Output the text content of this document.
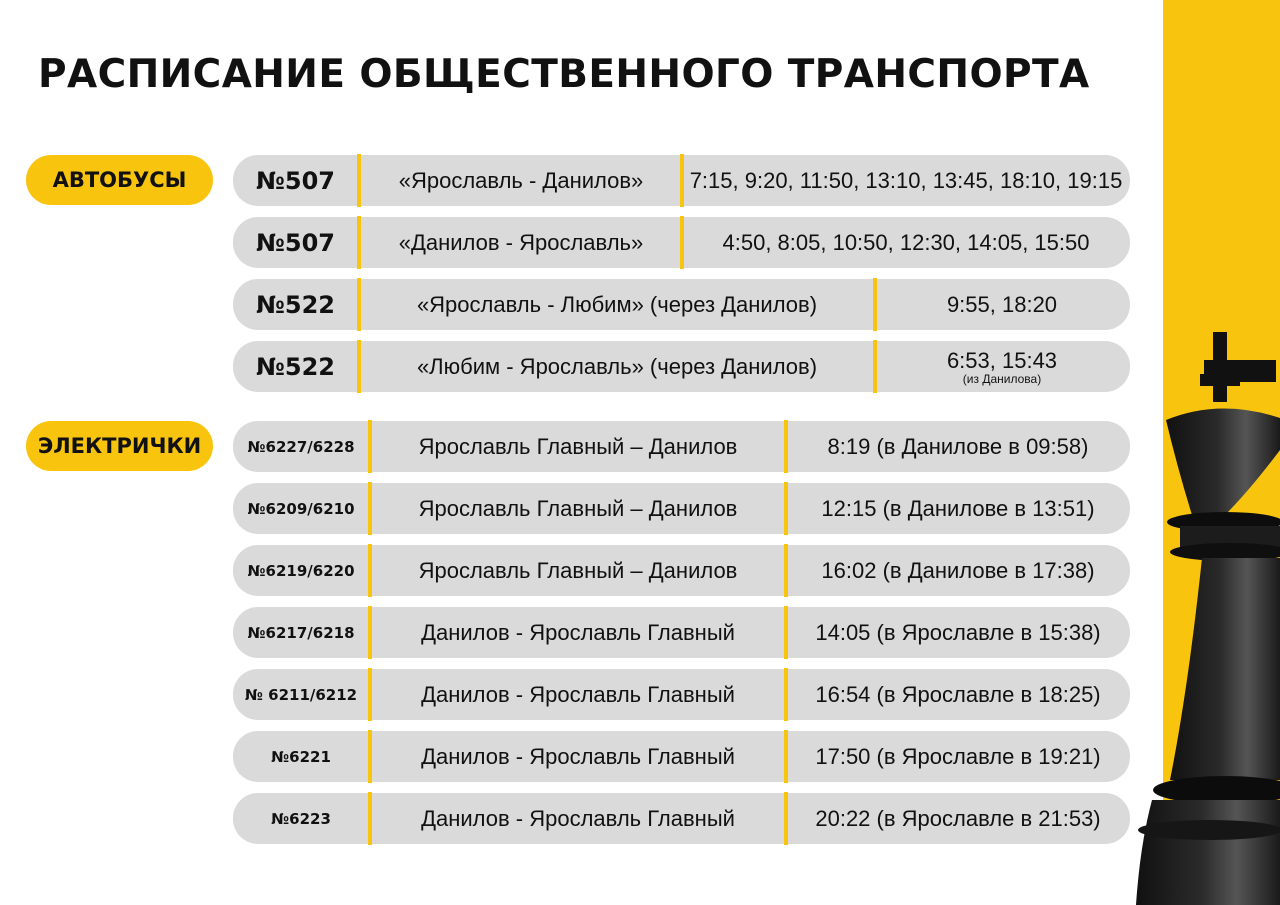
РАСПИСАНИЕ ОБЩЕСТВЕННОГО ТРАНСПОРТА
АВТОБУСЫ	№507	«Ярославль - Данилов»	7:15, 9:20, 11:50, 13:10, 13:45, 18:10, 19:15
№507	«Данилов - Ярославль»	4:50, 8:05, 10:50, 12:30, 14:05, 15:50
№522	«Ярославль - Любим» (через Данилов)	9:55, 18:20
№522	«Любим - Ярославль» (через Данилов)	6:53, 15:43
(из Данилова)
ЭЛЕКТРИЧКИ	№6227/6228	Ярославль Главный – Данилов	8:19 (в Данилове в 09:58)
№6209/6210	Ярославль Главный – Данилов	12:15 (в Данилове в 13:51)
№6219/6220	Ярославль Главный – Данилов	16:02 (в Данилове в 17:38)
№6217/6218	Данилов - Ярославль Главный	14:05 (в Ярославле в 15:38)
№ 6211/6212	Данилов - Ярославль Главный	16:54 (в Ярославле в 18:25)
№6221	Данилов - Ярославль Главный	17:50 (в Ярославле в 19:21)
№6223	Данилов - Ярославль Главный	20:22 (в Ярославле в 21:53)
